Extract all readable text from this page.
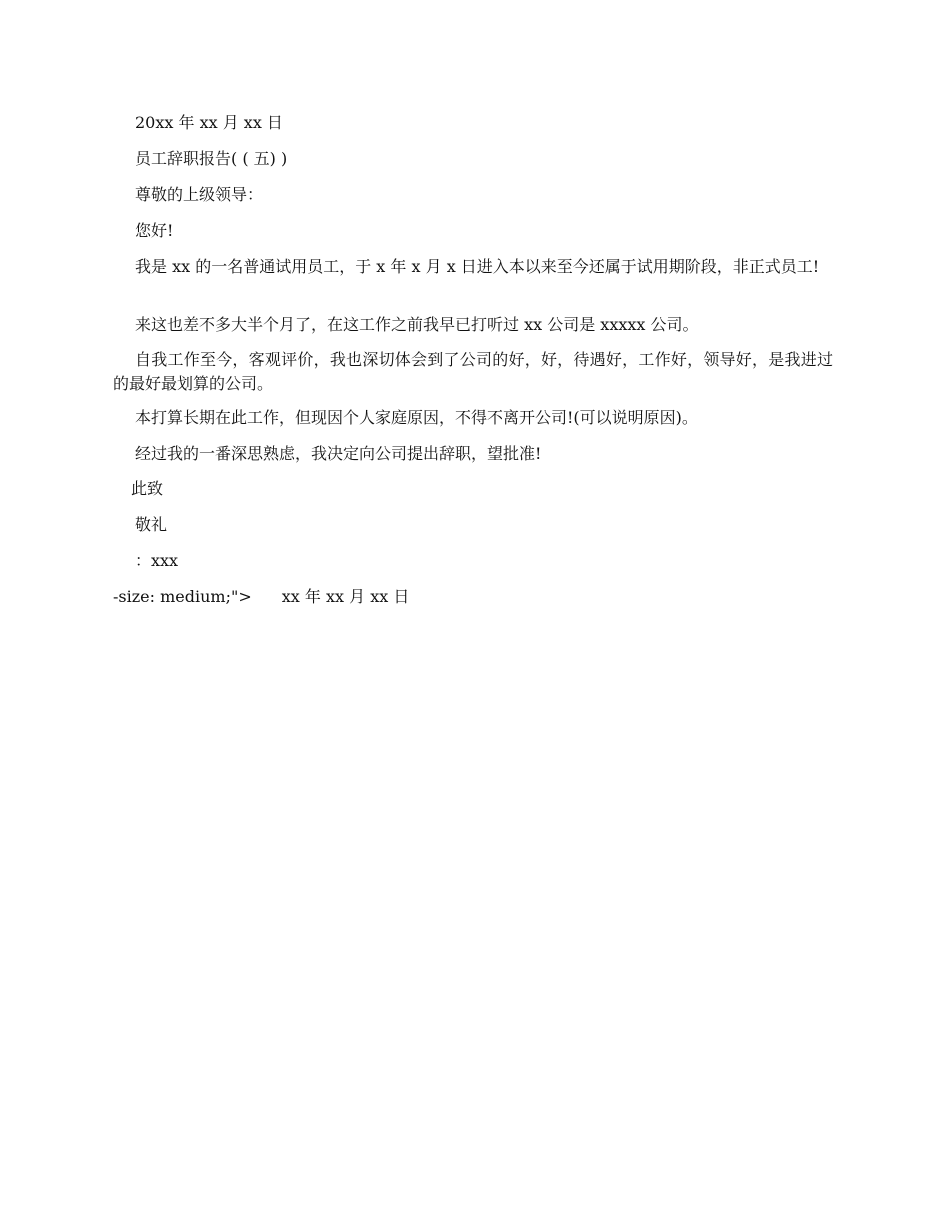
20xx 年 xx 月 xx 日

员工辞职报告( ( 五) )

尊敬的上级领导：

您好!

我是 xx 的一名普通试用员工，于 x 年 x 月 x 日进入本以来至今还属于试用期阶段，非正式员工!

来这也差不多大半个月了，在这工作之前我早已打听过 xx 公司是 xxxxx 公司。

自我工作至今，客观评价，我也深切体会到了公司的好，好，待遇好，工作好，领导好，是我进过的最好最划算的公司。

本打算长期在此工作，但现因个人家庭原因，不得不离开公司!(可以说明原因)。

经过我的一番深思熟虑，我决定向公司提出辞职，望批准!

此致

敬礼

：xxx

-size: medium;"> xx 年 xx 月 xx 日
